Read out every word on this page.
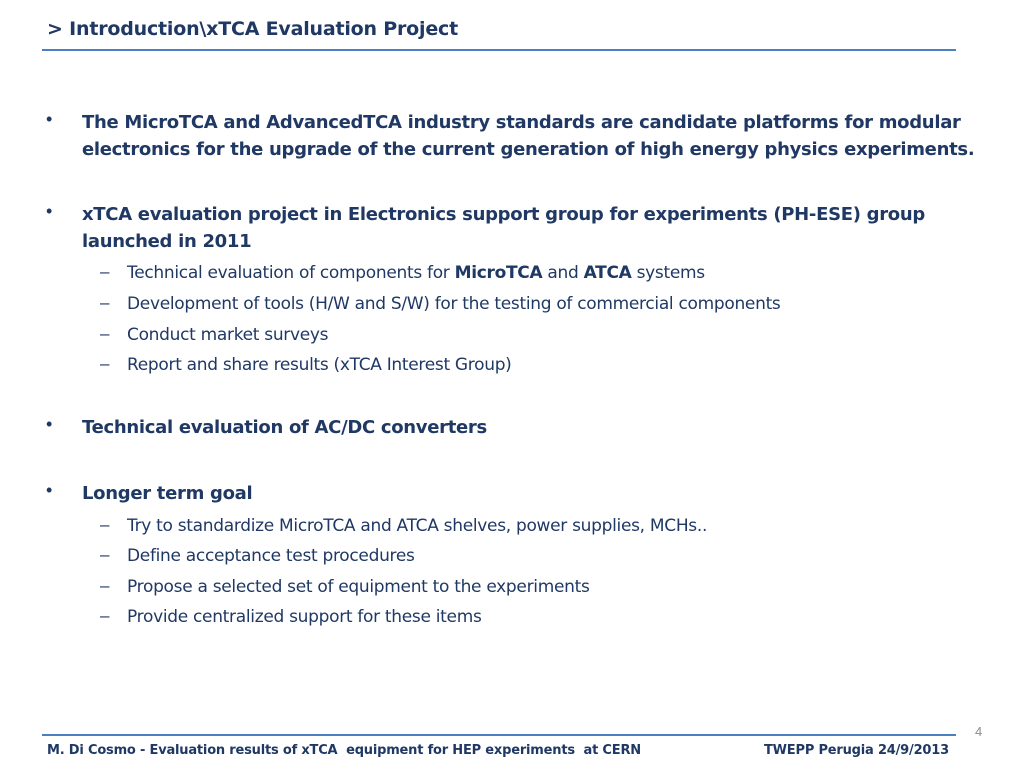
> Introduction\xTCA Evaluation Project
• The MicroTCA and AdvancedTCA industry standards are candidate platforms for modular electronics for the upgrade of the current generation of high energy physics experiments.
• xTCA evaluation project in Electronics support group for experiments (PH-ESE) group launched in 2011
– Technical evaluation of components for MicroTCA and ATCA systems
– Development of tools (H/W and S/W) for the testing of commercial components
– Conduct market surveys
– Report and share results (xTCA Interest Group)
• Technical evaluation of AC/DC converters
• Longer term goal
– Try to standardize MicroTCA and ATCA shelves, power supplies, MCHs..
– Define acceptance test procedures
– Propose a selected set of equipment to the experiments
– Provide centralized support for these items
4
M. Di Cosmo - Evaluation results of xTCA  equipment for HEP experiments  at CERN	TWEPP Perugia 24/9/2013
